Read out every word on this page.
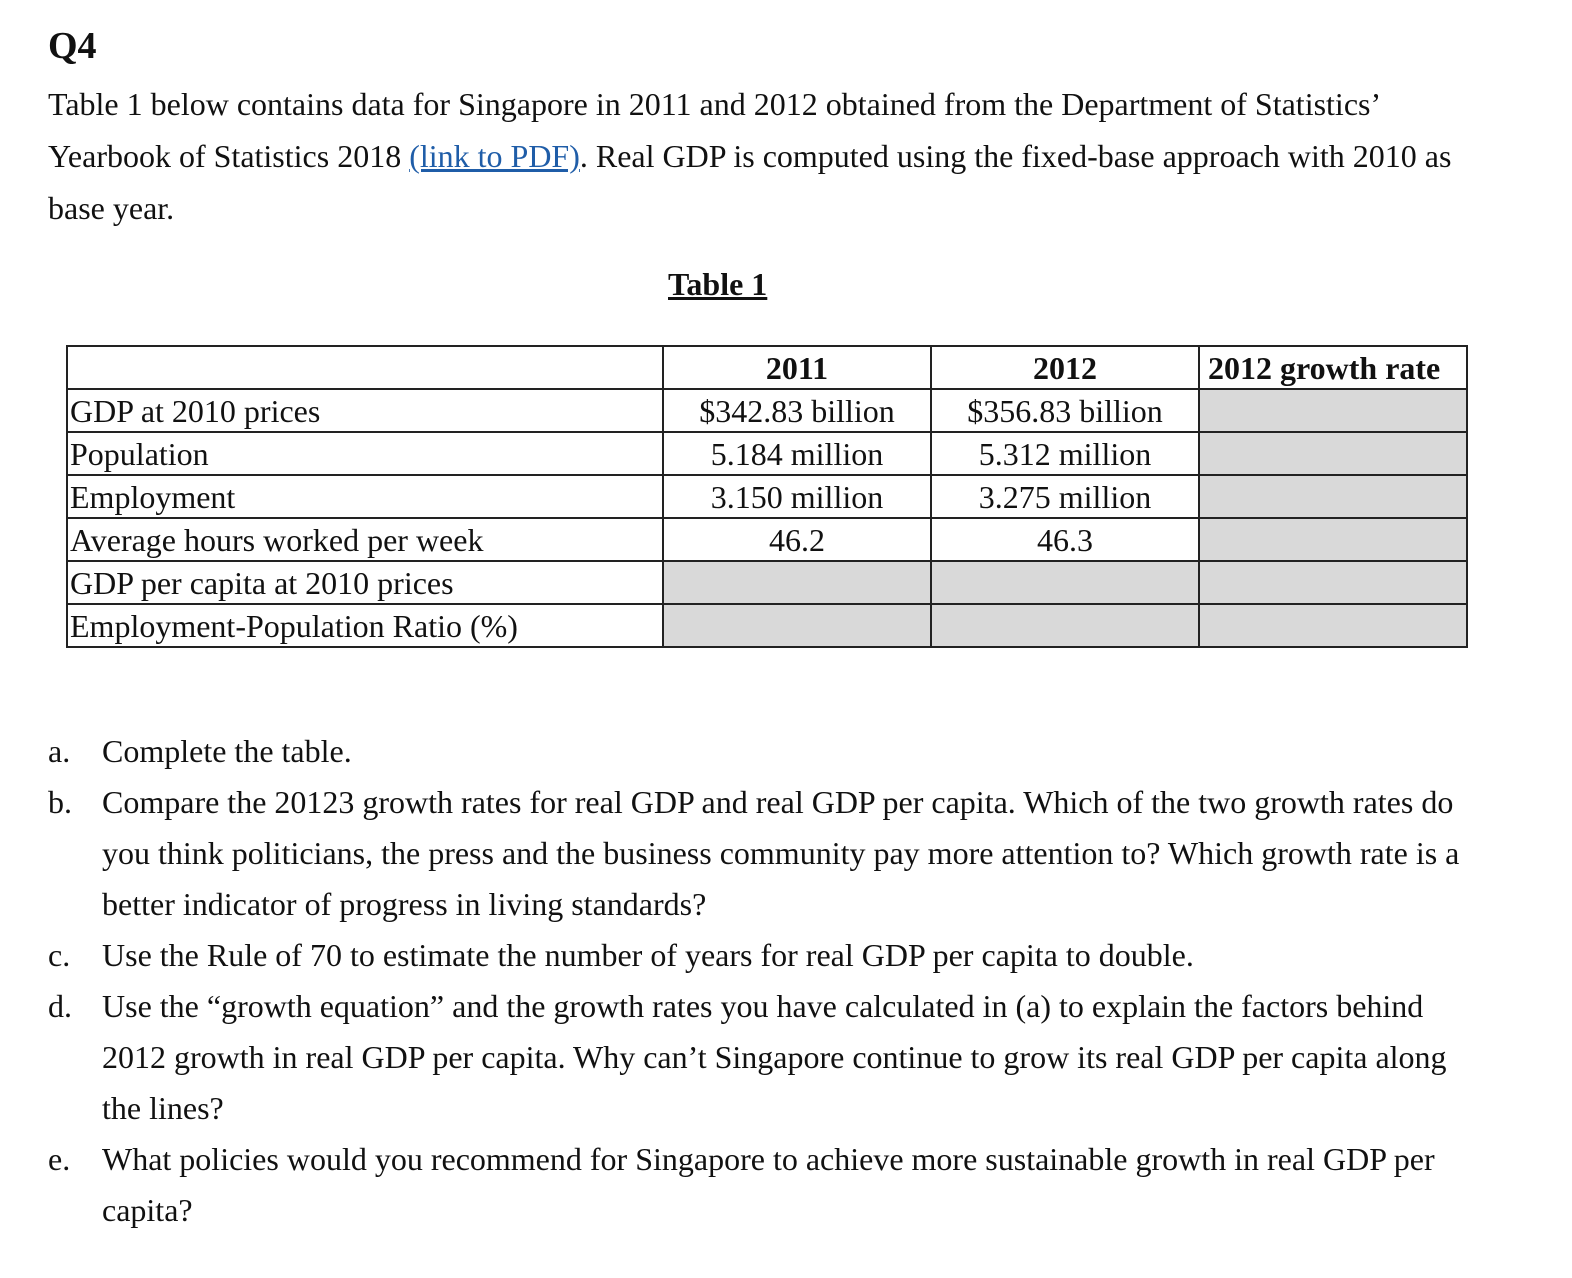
Q4

Table 1 below contains data for Singapore in 2011 and 2012 obtained from the Department of Statistics’ Yearbook of Statistics 2018 (link to PDF). Real GDP is computed using the fixed-base approach with 2010 as base year.

Table 1
	2011	2012	2012 growth rate
GDP at 2010 prices	$342.83 billion	$356.83 billion	
Population	5.184 million	5.312 million	
Employment	3.150 million	3.275 million	
Average hours worked per week	46.2	46.3	
GDP per capita at 2010 prices			
Employment-Population Ratio (%)			
a. Complete the table.
b. Compare the 20123 growth rates for real GDP and real GDP per capita. Which of the two growth rates do you think politicians, the press and the business community pay more attention to? Which growth rate is a better indicator of progress in living standards?
c. Use the Rule of 70 to estimate the number of years for real GDP per capita to double.
d. Use the “growth equation” and the growth rates you have calculated in (a) to explain the factors behind 2012 growth in real GDP per capita. Why can’t Singapore continue to grow its real GDP per capita along the lines?
e. What policies would you recommend for Singapore to achieve more sustainable growth in real GDP per capita?
